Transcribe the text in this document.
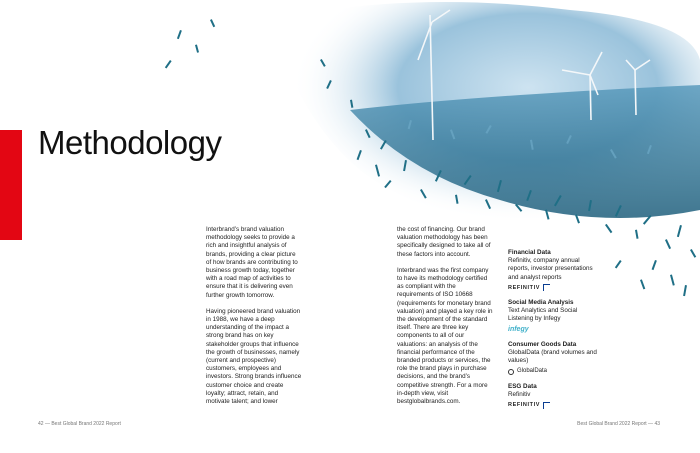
Methodology

Interbrand’s brand valuation methodology seeks to provide a rich and insightful analysis of brands, providing a clear picture of how brands are contributing to business growth today, together with a road map of activities to ensure that it is delivering even further growth tomorrow.

Having pioneered brand valuation in 1988, we have a deep understanding of the impact a strong brand has on key stakeholder groups that influence the growth of businesses, namely (current and prospective) customers, employees and investors. Strong brands influence customer choice and create loyalty; attract, retain, and motivate talent; and lower

the cost of financing. Our brand valuation methodology has been specifically designed to take all of these factors into account.

Interbrand was the first company to have its methodology certified as compliant with the requirements of ISO 10668 (requirements for monetary brand valuation) and played a key role in the development of the standard itself. There are three key components to all of our valuations: an analysis of the financial performance of the branded products or services, the role the brand plays in purchase decisions, and the brand’s competitive strength. For a more in-depth view, visit bestglobalbrands.com.

Financial Data
Refinitiv, company annual reports, investor presentations and analyst reports
REFINITIV
Social Media Analysis
Text Analytics and Social Listening by Infegy
infegy
Consumer Goods Data
GlobalData (brand volumes and values)
GlobalData
ESG Data
Refinitiv
REFINITIV
42 — Best Global Brand 2022 Report	Best Global Brand 2022 Report — 43
